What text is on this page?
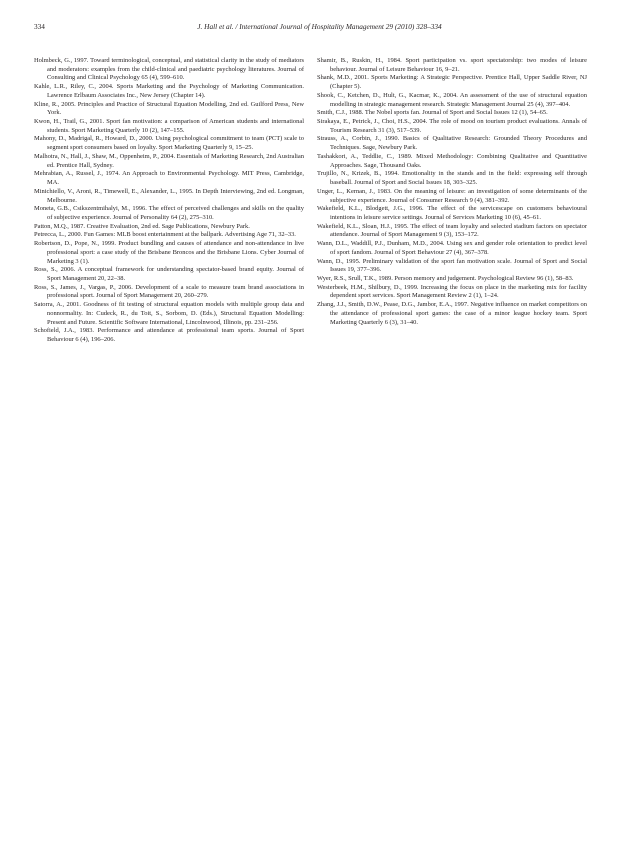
334	J. Hall et al. / International Journal of Hospitality Management 29 (2010) 328–334

Holmbeck, G., 1997. Toward terminological, conceptual, and statistical clarity in the study of mediators and moderators: examples from the child-clinical and paediatric psychology literatures. Journal of Consulting and Clinical Psychology 65 (4), 599–610.

Kahle, L.R., Riley, C., 2004. Sports Marketing and the Psychology of Marketing Communication. Lawrence Erlbaum Associates Inc., New Jersey (Chapter 14).

Kline, R., 2005. Principles and Practice of Structural Equation Modelling, 2nd ed. Guilford Press, New York.

Kwon, H., Trail, G., 2001. Sport fan motivation: a comparison of American students and international students. Sport Marketing Quarterly 10 (2), 147–155.

Mahony, D., Madrigal, R., Howard, D., 2000. Using psychological commitment to team (PCT) scale to segment sport consumers based on loyalty. Sport Marketing Quarterly 9, 15–25.

Malhotra, N., Hall, J., Shaw, M., Oppenheim, P., 2004. Essentials of Marketing Research, 2nd Australian ed. Prentice Hall, Sydney.

Mehrabian, A., Russel, J., 1974. An Approach to Environmental Psychology. MIT Press, Cambridge, MA.

Minichiello, V., Aroni, R., Timewell, E., Alexander, L., 1995. In Depth Interviewing, 2nd ed. Longman, Melbourne.

Moneta, G.B., Csikszentmihalyi, M., 1996. The effect of perceived challenges and skills on the quality of subjective experience. Journal of Personality 64 (2), 275–310.

Patton, M.Q., 1987. Creative Evaluation, 2nd ed. Sage Publications, Newbury Park.

Petrecca, L., 2000. Fun Games: MLB boost entertainment at the ballpark. Advertising Age 71, 32–33.

Robertson, D., Pope, N., 1999. Product bundling and causes of attendance and non-attendance in live professional sport: a case study of the Brisbane Broncos and the Brisbane Lions. Cyber Journal of Marketing 3 (1).

Ross, S., 2006. A conceptual framework for understanding spectator-based brand equity. Journal of Sport Management 20, 22–38.

Ross, S., James, J., Vargas, P., 2006. Development of a scale to measure team brand associations in professional sport. Journal of Sport Management 20, 260–279.

Satorra, A., 2001. Goodness of fit testing of structural equation models with multiple group data and nonnormality. In: Cudeck, R., du Toit, S., Sorbom, D. (Eds.), Structural Equation Modelling: Present and Future. Scientific Software International, Lincolnwood, Illinois, pp. 231–256.

Schofield, J.A., 1983. Performance and attendance at professional team sports. Journal of Sport Behaviour 6 (4), 196–206.

Shamir, B., Ruskin, H., 1984. Sport participation vs. sport spectatorship: two modes of leisure behaviour. Journal of Leisure Behaviour 16, 9–21.

Shank, M.D., 2001. Sports Marketing: A Strategic Perspective. Prentice Hall, Upper Saddle River, NJ (Chapter 5).

Shook, C., Ketchen, D., Hult, G., Kacmar, K., 2004. An assessment of the use of structural equation modelling in strategic management research. Strategic Management Journal 25 (4), 397–404.

Smith, C.J., 1988. The Nobel sports fan. Journal of Sport and Social Issues 12 (1), 54–65.

Sirakaya, E., Petrick, J., Choi, H.S., 2004. The role of mood on tourism product evaluations. Annals of Tourism Research 31 (3), 517–539.

Strauss, A., Corbin, J., 1990. Basics of Qualitative Research: Grounded Theory Procedures and Techniques. Sage, Newbury Park.

Tashakkori, A., Teddlie, C., 1989. Mixed Methodology: Combining Qualitative and Quantitative Approaches. Sage, Thousand Oaks.

Trujillo, N., Krizek, B., 1994. Emotionality in the stands and in the field: expressing self through baseball. Journal of Sport and Social Issues 18, 303–325.

Unger, L., Kernan, J., 1983. On the meaning of leisure: an investigation of some determinants of the subjective experience. Journal of Consumer Research 9 (4), 381–392.

Wakefield, K.L., Blodgett, J.G., 1996. The effect of the servicescape on customers behavioural intentions in leisure service settings. Journal of Services Marketing 10 (6), 45–61.

Wakefield, K.L., Sloan, H.J., 1995. The effect of team loyalty and selected stadium factors on spectator attendance. Journal of Sport Management 9 (3), 153–172.

Wann, D.L., Waddill, P.J., Dunham, M.D., 2004. Using sex and gender role orientation to predict level of sport fandom. Journal of Sport Behaviour 27 (4), 367–378.

Wann, D., 1995. Preliminary validation of the sport fan motivation scale. Journal of Sport and Social Issues 19, 377–396.

Wyer, R.S., Srull, T.K., 1989. Person memory and judgement. Psychological Review 96 (1), 58–83.

Westerbeek, H.M., Shilbury, D., 1999. Increasing the focus on place in the marketing mix for facility dependent sport services. Sport Management Review 2 (1), 1–24.

Zhang, J.J., Smith, D.W., Pease, D.G., Jambor, E.A., 1997. Negative influence on market competitors on the attendance of professional sport games: the case of a minor league hockey team. Sport Marketing Quarterly 6 (3), 31–40.
